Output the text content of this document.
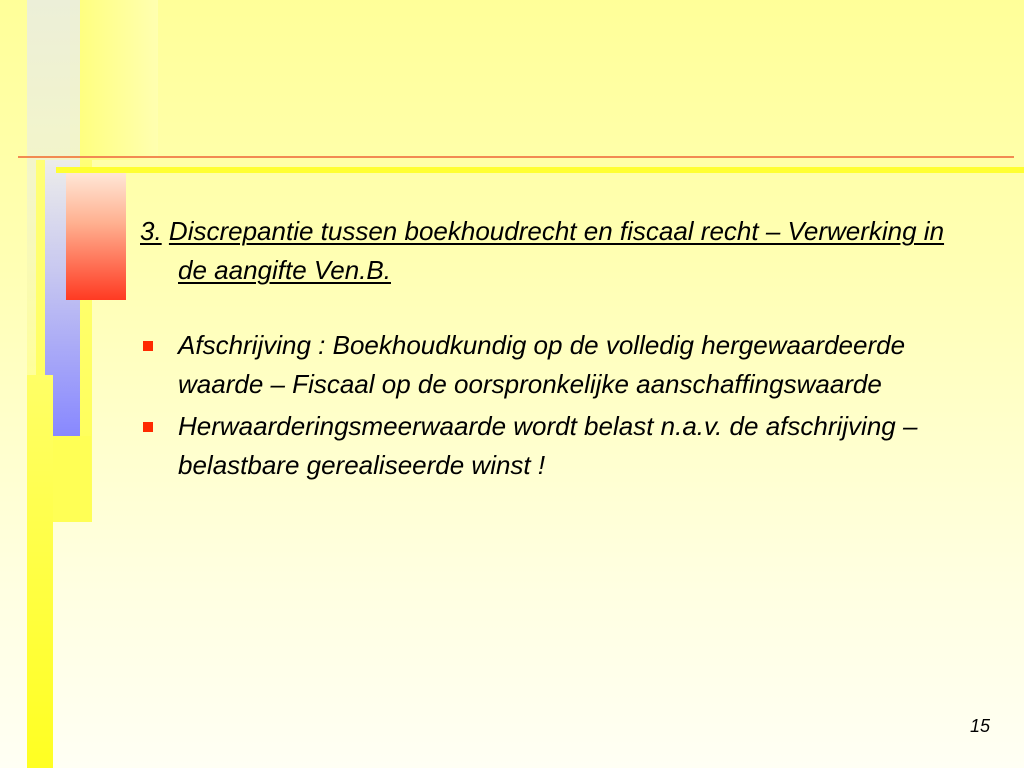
3. Discrepantie tussen boekhoudrecht en fiscaal recht – Verwerking in de aangifte Ven.B.

Afschrijving : Boekhoudkundig op de volledig hergewaardeerde waarde – Fiscaal op de oorspronkelijke aanschaffingswaarde
Herwaarderingsmeerwaarde wordt belast n.a.v. de afschrijving – belastbare gerealiseerde winst !
15
